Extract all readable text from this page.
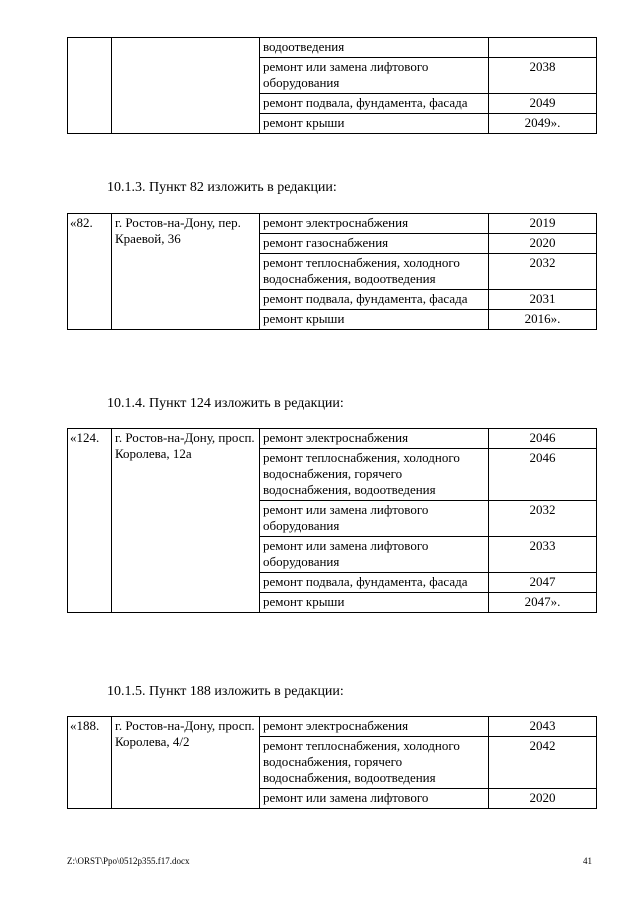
		водоотведения	
		ремонт или замена лифтового оборудования	2038
		ремонт подвала, фундамента, фасада	2049
		ремонт крыши	2049».
10.1.3. Пункт 82 изложить в редакции:
«82.	г. Ростов-на-Дону, пер. Краевой, 36	ремонт электроснабжения	2019
		ремонт газоснабжения	2020
		ремонт теплоснабжения, холодного водоснабжения, водоотведения	2032
		ремонт подвала, фундамента, фасада	2031
		ремонт крыши	2016».
10.1.4. Пункт 124 изложить в редакции:
«124.	г. Ростов-на-Дону, просп. Королева, 12а	ремонт электроснабжения	2046
		ремонт теплоснабжения, холодного водоснабжения, горячего водоснабжения, водоотведения	2046
		ремонт или замена лифтового оборудования	2032
		ремонт или замена лифтового оборудования	2033
		ремонт подвала, фундамента, фасада	2047
		ремонт крыши	2047».
10.1.5. Пункт 188 изложить в редакции:
«188.	г. Ростов-на-Дону, просп. Королева, 4/2	ремонт электроснабжения	2043
		ремонт теплоснабжения, холодного водоснабжения, горячего водоснабжения, водоотведения	2042
		ремонт или замена лифтового	2020
Z:\ORST\Ppo\0512p355.f17.docx	41
